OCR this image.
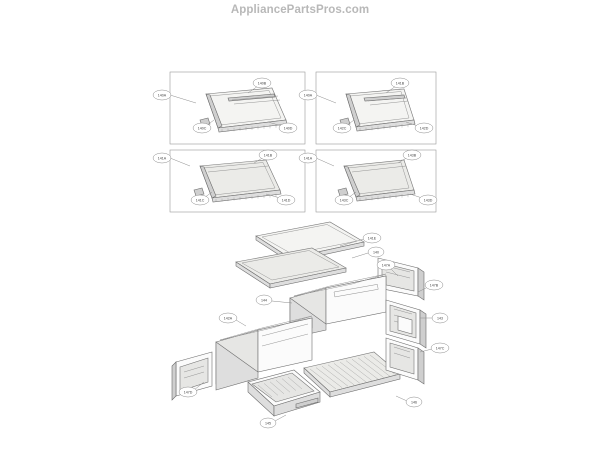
AppliancePartsPros.com
140A
140B
140C	140D
140A
141B
142C	142D
141A
141B
141C	141D
141A
143B
143C	143D
141E
140
147A
144
147B
143
142A
147C
147D
146
145
